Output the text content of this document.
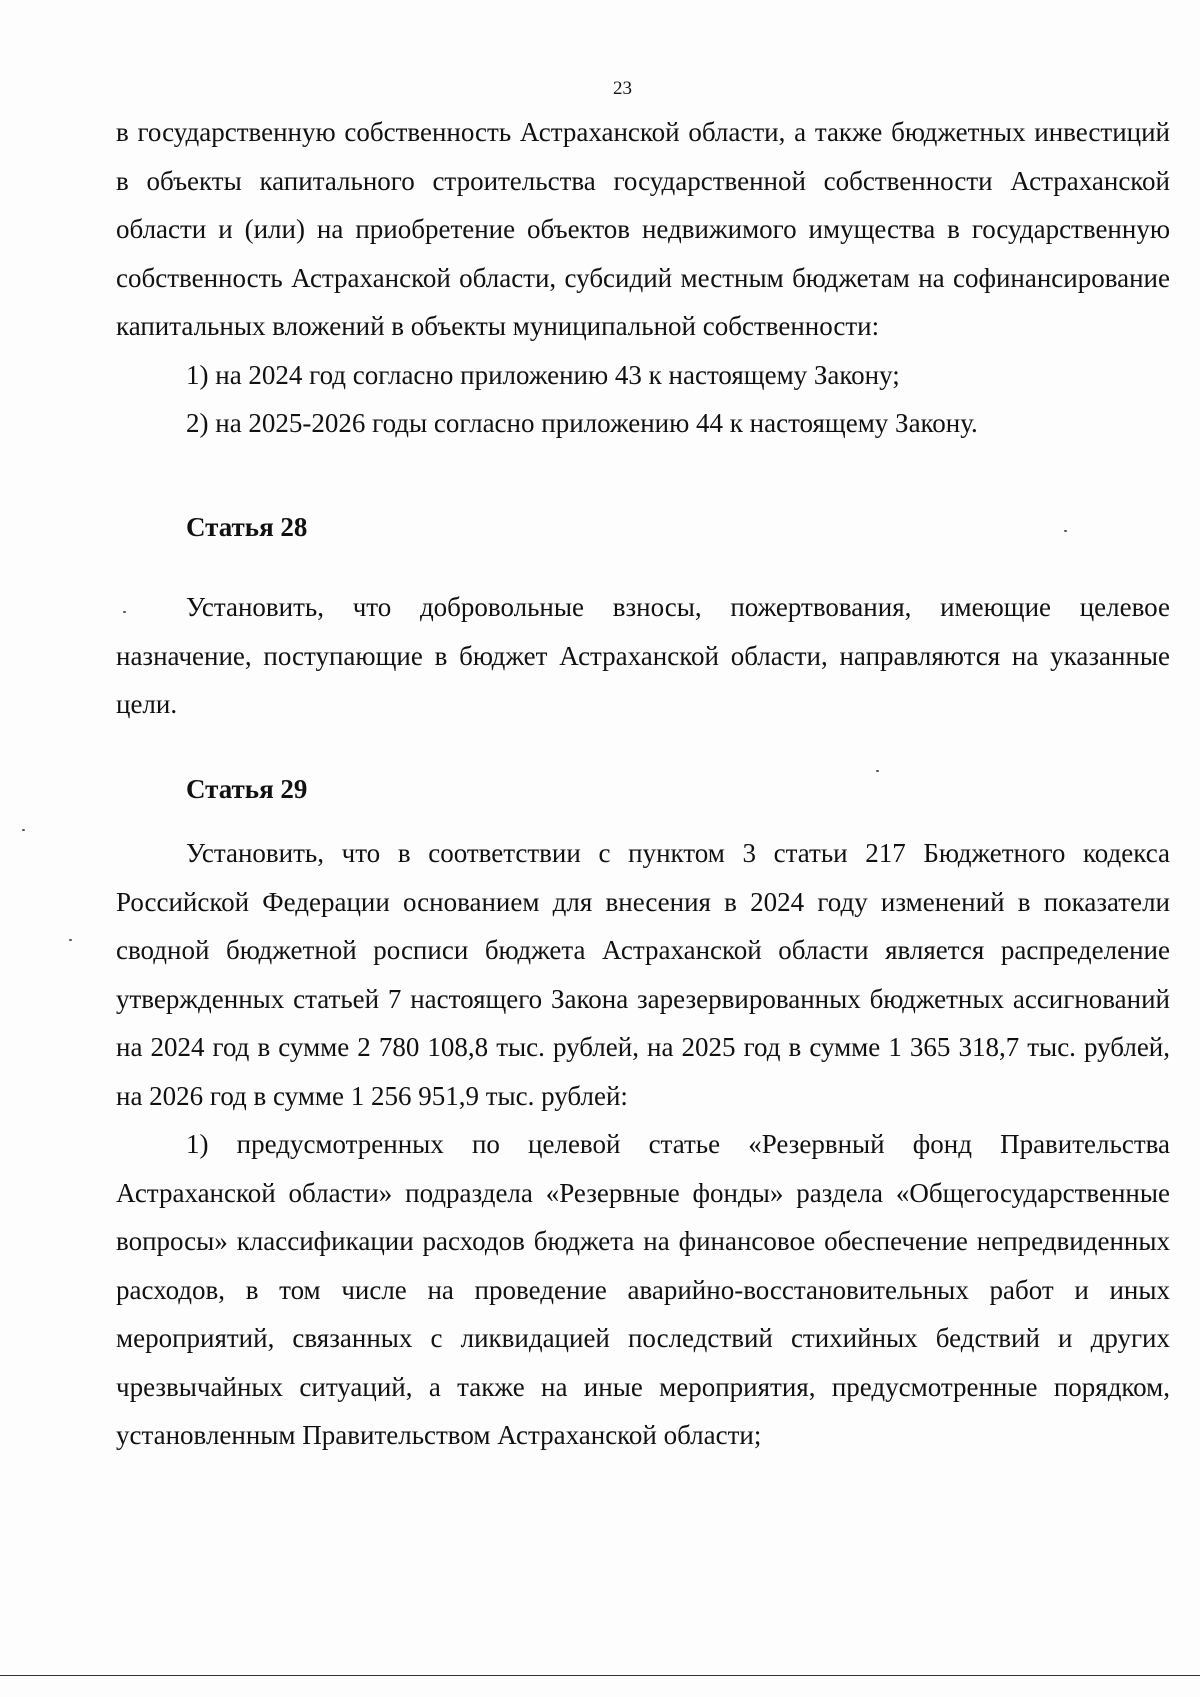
23

в государственную собственность Астраханской области, а также бюджетных инвестиций в объекты капитального строительства государственной собственности Астраханской области и (или) на приобретение объектов недвижимого имущества в государственную собственность Астраханской области, субсидий местным бюджетам на софинансирование капитальных вложений в объекты муниципальной собственности:

1) на 2024 год согласно приложению 43 к настоящему Закону;

2) на 2025-2026 годы согласно приложению 44 к настоящему Закону.

Статья 28

Установить, что добровольные взносы, пожертвования, имеющие целевое назначение, поступающие в бюджет Астраханской области, направляются на указанные цели.

Статья 29

Установить, что в соответствии с пунктом 3 статьи 217 Бюджетного кодекса Российской Федерации основанием для внесения в 2024 году изменений в показатели сводной бюджетной росписи бюджета Астраханской области является распределение утвержденных статьей 7 настоящего Закона зарезервированных бюджетных ассигнований на 2024 год в сумме 2 780 108,8 тыс. рублей, на 2025 год в сумме 1 365 318,7 тыс. рублей, на 2026 год в сумме 1 256 951,9 тыс. рублей:

1) предусмотренных по целевой статье «Резервный фонд Правительства Астраханской области» подраздела «Резервные фонды» раздела «Общегосударственные вопросы» классификации расходов бюджета на финансовое обеспечение непредвиденных расходов, в том числе на проведение аварийно-восстановительных работ и иных мероприятий, связанных с ликвидацией последствий стихийных бедствий и других чрезвычайных ситуаций, а также на иные мероприятия, предусмотренные порядком, установленным Правительством Астраханской области;
